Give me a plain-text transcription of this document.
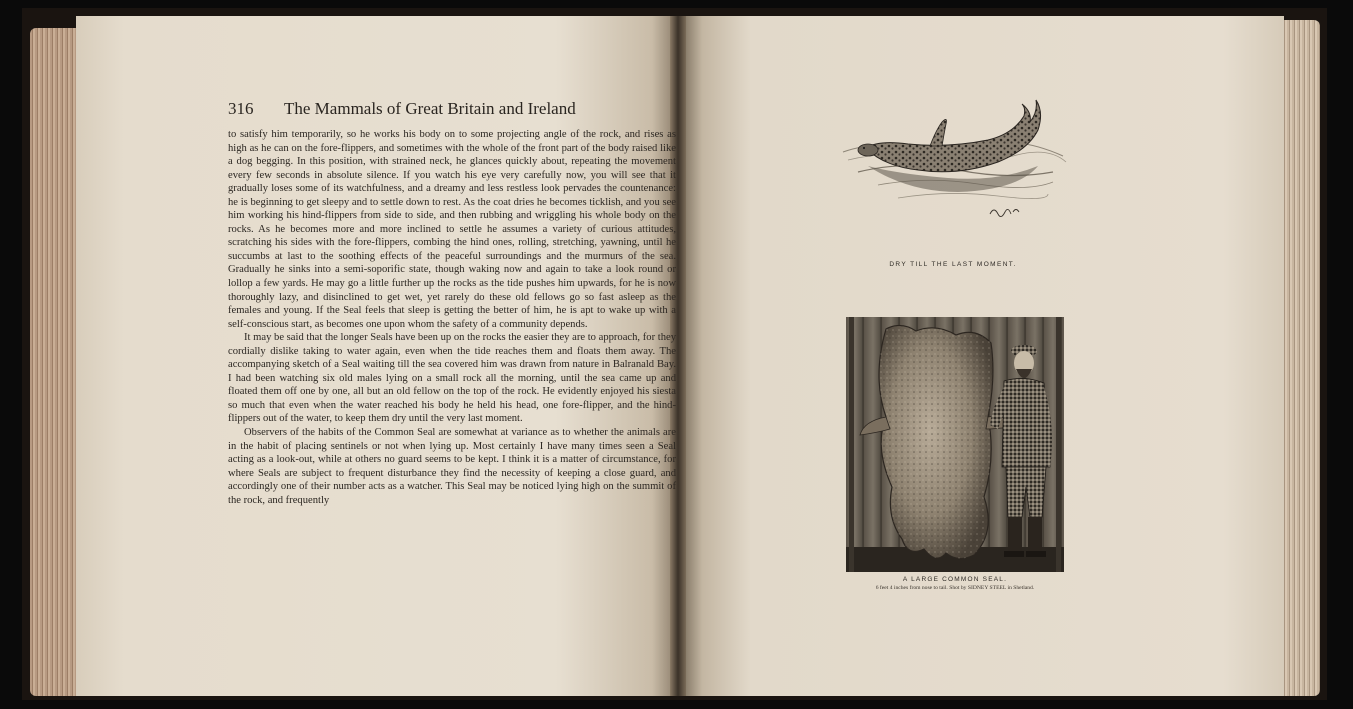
316 The Mammals of Great Britain and Ireland

to satisfy him temporarily, so he works his body on to some projecting angle of the rock, and rises as high as he can on the fore-flippers, and sometimes with the whole of the front part of the body raised like a dog begging. In this position, with strained neck, he glances quickly about, repeating the movement every few seconds in absolute silence. If you watch his eye very carefully now, you will see that it gradually loses some of its watchfulness, and a dreamy and less restless look pervades the countenance: he is beginning to get sleepy and to settle down to rest. As the coat dries he becomes ticklish, and you see him working his hind-flippers from side to side, and then rubbing and wriggling his whole body on the rocks. As he becomes more and more inclined to settle he assumes a variety of curious attitudes, scratching his sides with the fore-flippers, combing the hind ones, rolling, stretching, yawning, until he succumbs at last to the soothing effects of the peaceful surroundings and the murmurs of the sea. Gradually he sinks into a semi-soporific state, though waking now and again to take a look round or lollop a few yards. He may go a little further up the rocks as the tide pushes him upwards, for he is now thoroughly lazy, and disinclined to get wet, yet rarely do these old fellows go so fast asleep as the females and young. If the Seal feels that sleep is getting the better of him, he is apt to wake up with a self-conscious start, as becomes one upon whom the safety of a community depends.

It may be said that the longer Seals have been up on the rocks the easier they are to approach, for they cordially dislike taking to water again, even when the tide reaches them and floats them away. The accompanying sketch of a Seal waiting till the sea covered him was drawn from nature in Balranald Bay. I had been watching six old males lying on a small rock all the morning, until the sea came up and floated them off one by one, all but an old fellow on the top of the rock. He evidently enjoyed his siesta so much that even when the water reached his body he held his head, one fore-flipper, and the hind-flippers out of the water, to keep them dry until the very last moment.

Observers of the habits of the Common Seal are somewhat at variance as to whether the animals are in the habit of placing sentinels or not when lying up. Most certainly I have many times seen a Seal acting as a look-out, while at others no guard seems to be kept. I think it is a matter of circumstance, for where Seals are subject to frequent disturbance they find the necessity of keeping a close guard, and accordingly one of their number acts as a watcher. This Seal may be noticed lying high on the summit of the rock, and frequently

DRY TILL THE LAST MOMENT.
A LARGE COMMON SEAL.
6 feet 4 inches from nose to tail. Shot by SIDNEY STEEL in Shetland.
